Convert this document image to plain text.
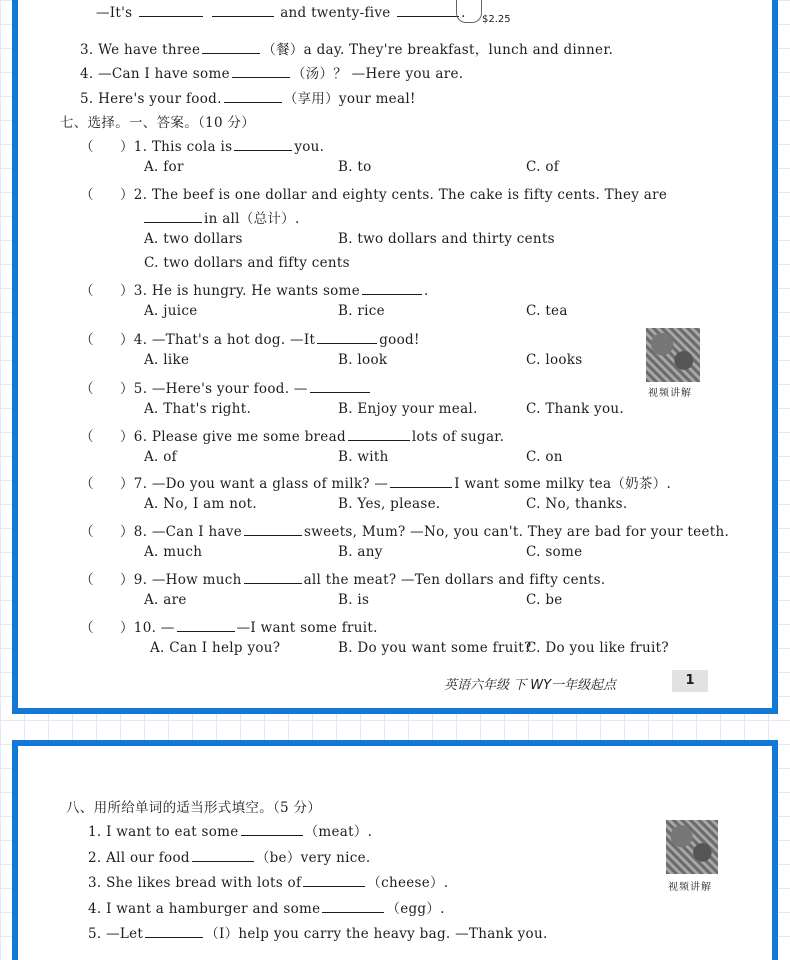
—It's	and twenty-five	. $2.25
3. We have three	（餐）a day. They're breakfast，lunch and dinner.
4. —Can I have some	（汤）？ —Here you are.
5. Here's your food.	（享用）your meal!
七、选择。一、答案。（10 分）
（ ）1. This cola is	you.
A. for	B. to	C. of
（ ）2. The beef is one dollar and eighty cents. The cake is fifty cents. They are
in all（总计）.
A. two dollars	B. two dollars and thirty cents
C. two dollars and fifty cents
（ ）3. He is hungry. He wants some	.
A. juice	B. rice	C. tea
（ ）4. —That's a hot dog. —It	good!
A. like	B. look	C. looks
（ ）5. —Here's your food. —
A. That's right.	B. Enjoy your meal.	C. Thank you.
（ ）6. Please give me some bread	lots of sugar.
A. of	B. with	C. on
（ ）7. —Do you want a glass of milk? —	I want some milky tea（奶茶）.
A. No, I am not.	B. Yes, please.	C. No, thanks.
（ ）8. —Can I have	sweets, Mum? —No, you can't. They are bad for your teeth.
A. much	B. any	C. some
（ ）9. —How much	all the meat? —Ten dollars and fifty cents.
A. are	B. is	C. be
（ ）10. —	—I want some fruit.
A. Can I help you?	B. Do you want some fruit?
C. Do you like fruit?
视频讲解
英语六年级 下 WY一年级起点	1
八、用所给单词的适当形式填空。（5 分）
1. I want to eat some	（meat）.
2. All our food	（be）very nice.
3. She likes bread with lots of	（cheese）.
4. I want a hamburger and some	（egg）.
5. —Let	（I）help you carry the heavy bag. —Thank you.
视频讲解
